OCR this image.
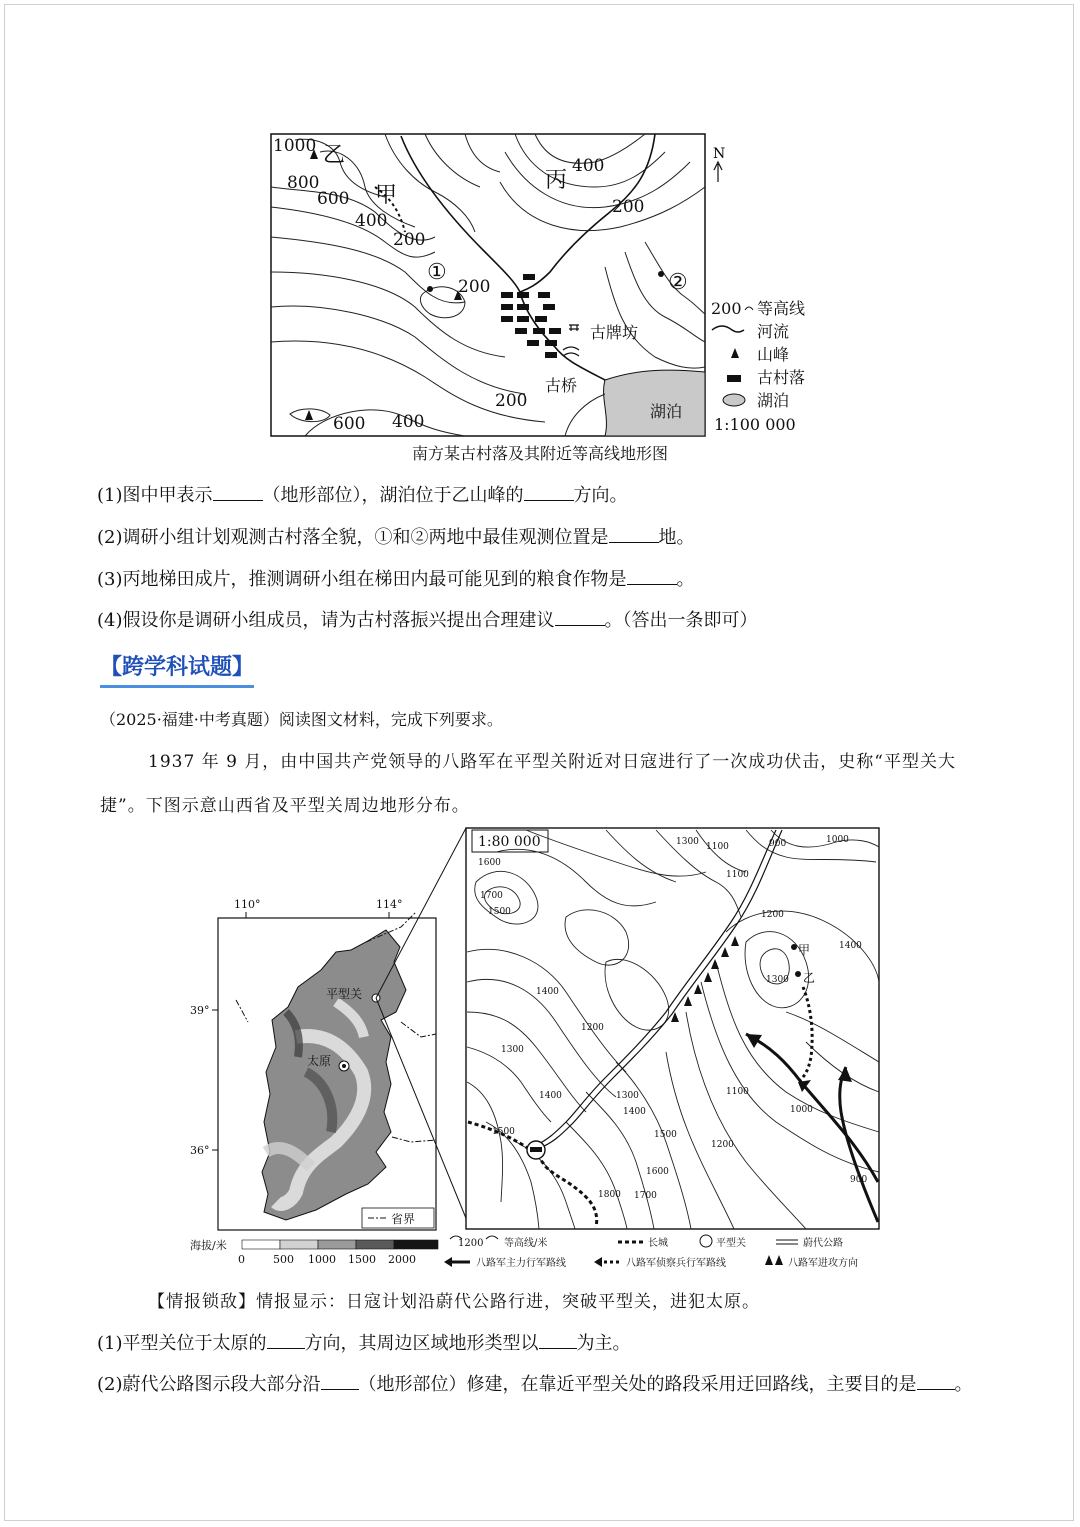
1000
800
600
400
200
400
200
200
600 400
200
乙
甲
丙
①	②
古牌坊
古桥
湖泊
N
200 等高线
河流
山峰
古村落
湖泊
1:100 000
南方某古村落及其附近等高线地形图
(1)图中甲表示	（地形部位），湖泊位于乙山峰的	方向。
(2)调研小组计划观测古村落全貌，①和②两地中最佳观测位置是	地。
(3)丙地梯田成片，推测调研小组在梯田内最可能见到的粮食作物是	。
(4)假设你是调研小组成员，请为古村落振兴提出合理建议	。（答出一条即可）
【跨学科试题】
（2025·福建·中考真题）阅读图文材料，完成下列要求。
1937 年 9 月，由中国共产党领导的八路军在平型关附近对日寇进行了一次成功伏击，史称“平型关大
捷”。下图示意山西省及平型关周边地形分布。
110°	114°
39°
36°
平型关
太原
省界
海拔/米
0	500 1000 1500 2000
1:80 000
甲
乙
1600
1700
1500
1300 1100	900	1000
1200
1400
1400
1200
1300
1100
1400	1300
1400
1500	1500
1200
1100
1600
1700
1800
1300
1000
900
1200 等高线/米	长城	平型关	蔚代公路
八路军主力行军路线	八路军侦察兵行军路线	八路军进攻方向
【情报锁敌】情报显示：日寇计划沿蔚代公路行进，突破平型关，进犯太原。
(1)平型关位于太原的 方向，其周边区域地形类型以 为主。
(2)蔚代公路图示段大部分沿 （地形部位）修建，在靠近平型关处的路段采用迂回路线，主要目的是 。
